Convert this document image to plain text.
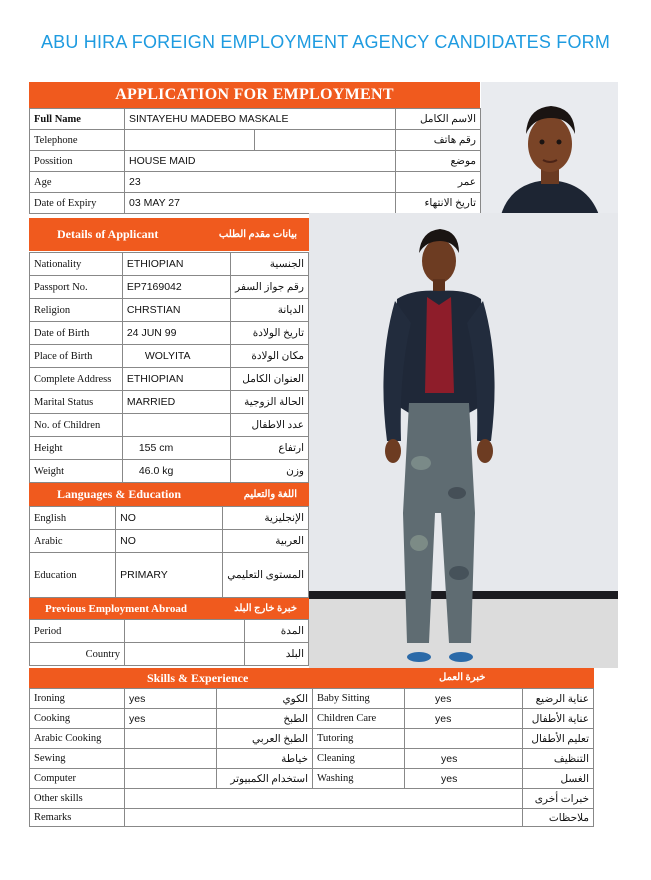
ABU HIRA FOREIGN EMPLOYMENT AGENCY CANDIDATES FORM
APPLICATION FOR EMPLOYMENT
Full Name	SINTAYEHU MADEBO MASKALE		الاسم الكامل
Telephone			رقم هاتف
Possition	HOUSE MAID		موضع
Age	23		عمر
Date of Expiry	03 MAY 27		تاريخ الانتهاء
Details of Applicant	بيانات مقدم الطلب
Nationality	ETHIOPIAN	الجنسية
Passport No.	EP7169042	رقم جواز السفر
Religion	CHRSTIAN	الديانة
Date of Birth	24 JUN 99	تاريخ الولادة
Place of Birth	WOLYITA	مكان الولادة
Complete Address	ETHIOPIAN	العنوان الكامل
Marital Status	MARRIED	الحالة الزوجية
No. of Children		عدد الاطفال
Height	155 cm	ارتفاع
Weight	46.0 kg	وزن
Languages & Education	اللغة والتعليم
English	NO	الإنجليزية
Arabic	NO	العربية
Education	PRIMARY	المستوى التعليمي
Previous Employment Abroad	خبرة خارج البلد
Period		المدة
Country		البلد
Skills & Experience	خبرة العمل
Ironing	yes	الكوي	Baby Sitting	yes	عناية الرضيع
Cooking	yes	الطبخ	Children Care	yes	عناية الأطفال
Arabic Cooking		الطبخ العربي	Tutoring		تعليم الأطفال
Sewing		خياطة	Cleaning	yes	التنظيف
Computer		استخدام الكمبيوتر	Washing	yes	الغسل
Other skills					خبرات أخرى
Remarks					ملاحظات
